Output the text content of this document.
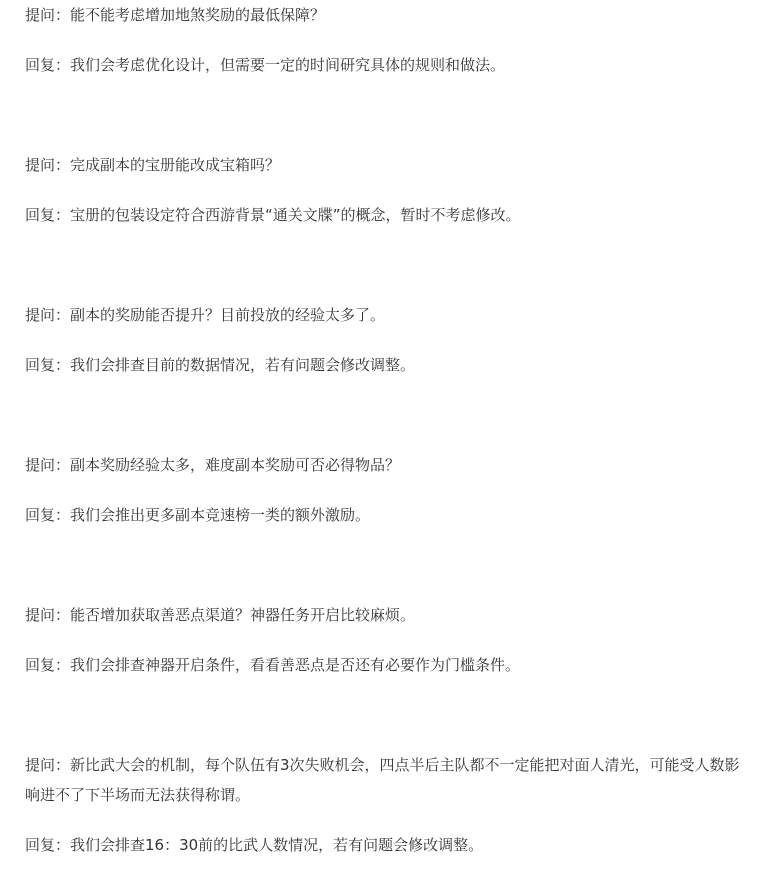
提问：能不能考虑增加地煞奖励的最低保障？

回复：我们会考虑优化设计，但需要一定的时间研究具体的规则和做法。

提问：完成副本的宝册能改成宝箱吗？

回复：宝册的包装设定符合西游背景“通关文牒”的概念，暂时不考虑修改。

提问：副本的奖励能否提升？目前投放的经验太多了。

回复：我们会排查目前的数据情况，若有问题会修改调整。

提问：副本奖励经验太多，难度副本奖励可否必得物品？

回复：我们会推出更多副本竞速榜一类的额外激励。

提问：能否增加获取善恶点渠道？神器任务开启比较麻烦。

回复：我们会排查神器开启条件，看看善恶点是否还有必要作为门槛条件。

提问：新比武大会的机制，每个队伍有3次失败机会，四点半后主队都不一定能把对面人清光，可能受人数影响进不了下半场而无法获得称谓。

回复：我们会排查16：30前的比武人数情况，若有问题会修改调整。
